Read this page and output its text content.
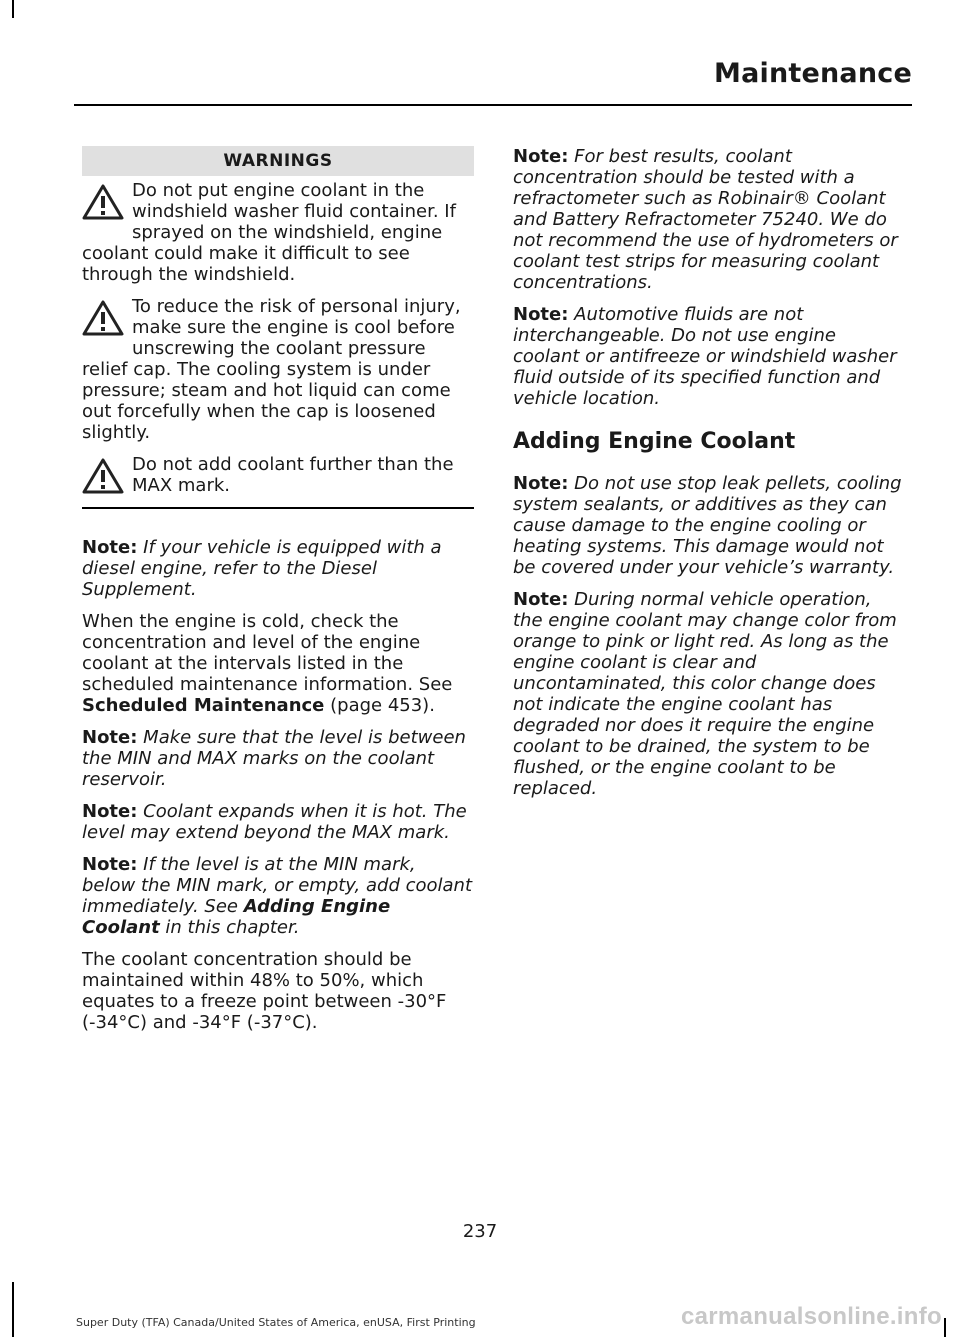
Maintenance
WARNINGS
Do not put engine coolant in the windshield washer fluid container. If sprayed on the windshield, engine coolant could make it difficult to see through the windshield.
To reduce the risk of personal injury, make sure the engine is cool before unscrewing the coolant pressure relief cap. The cooling system is under pressure; steam and hot liquid can come out forcefully when the cap is loosened slightly.
Do not add coolant further than the MAX mark.

Note: If your vehicle is equipped with a diesel engine, refer to the Diesel Supplement.

When the engine is cold, check the concentration and level of the engine coolant at the intervals listed in the scheduled maintenance information. See Scheduled Maintenance (page 453).

Note: Make sure that the level is between the MIN and MAX marks on the coolant reservoir.

Note: Coolant expands when it is hot. The level may extend beyond the MAX mark.

Note: If the level is at the MIN mark, below the MIN mark, or empty, add coolant immediately. See Adding Engine Coolant in this chapter.

The coolant concentration should be maintained within 48% to 50%, which equates to a freeze point between -30°F (-34°C) and -34°F (-37°C).

Note: For best results, coolant concentration should be tested with a refractometer such as Robinair® Coolant and Battery Refractometer 75240. We do not recommend the use of hydrometers or coolant test strips for measuring coolant concentrations.

Note: Automotive fluids are not interchangeable. Do not use engine coolant or antifreeze or windshield washer fluid outside of its specified function and vehicle location.

Adding Engine Coolant

Note: Do not use stop leak pellets, cooling system sealants, or additives as they can cause damage to the engine cooling or heating systems. This damage would not be covered under your vehicle’s warranty.

Note: During normal vehicle operation, the engine coolant may change color from orange to pink or light red. As long as the engine coolant is clear and uncontaminated, this color change does not indicate the engine coolant has degraded nor does it require the engine coolant to be drained, the system to be flushed, or the engine coolant to be replaced.

237
Super Duty (TFA) Canada/United States of America, enUSA, First Printing	carmanualsonline.info
